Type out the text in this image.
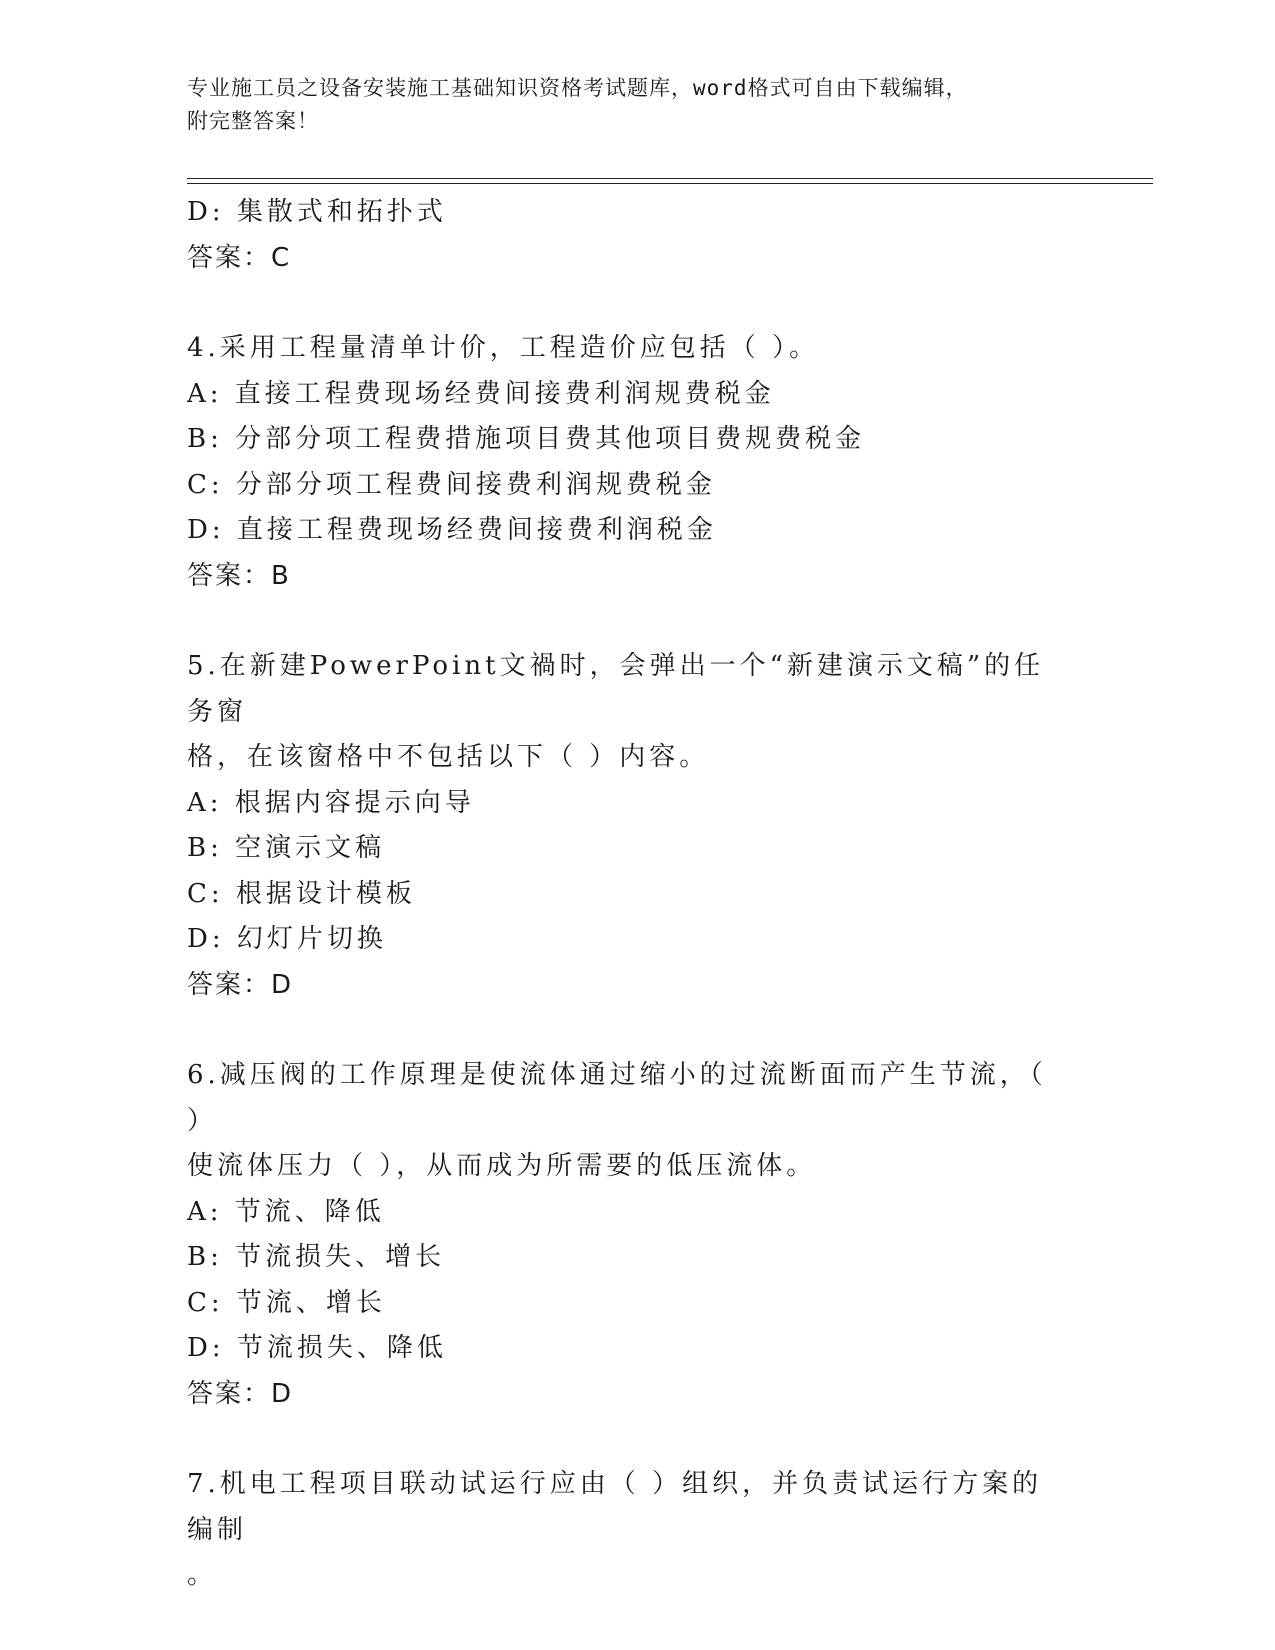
专业施工员之设备安装施工基础知识资格考试题库，word格式可自由下载编辑，
附完整答案！
D: 集散式和拓扑式
答案：C
4.采用工程量清单计价，工程造价应包括（ ）。
A: 直接工程费现场经费间接费利润规费税金
B: 分部分项工程费措施项目费其他项目费规费税金
C: 分部分项工程费间接费利润规费税金
D: 直接工程费现场经费间接费利润税金
答案：B
5.在新建PowerPoint文禍时，会弹出一个“新建演示文稿”的任务窗
格，在该窗格中不包括以下（ ）内容。
A: 根据内容提示向导
B: 空演示文稿
C: 根据设计模板
D: 幻灯片切换
答案：D
6.减压阀的工作原理是使流体通过缩小的过流断面而产生节流，（ ）
使流体压力（ ），从而成为所需要的低压流体。
A: 节流、降低
B: 节流损失、增长
C: 节流、增长
D: 节流损失、降低
答案：D
7.机电工程项目联动试运行应由（ ）组织，并负责试运行方案的编制
。
